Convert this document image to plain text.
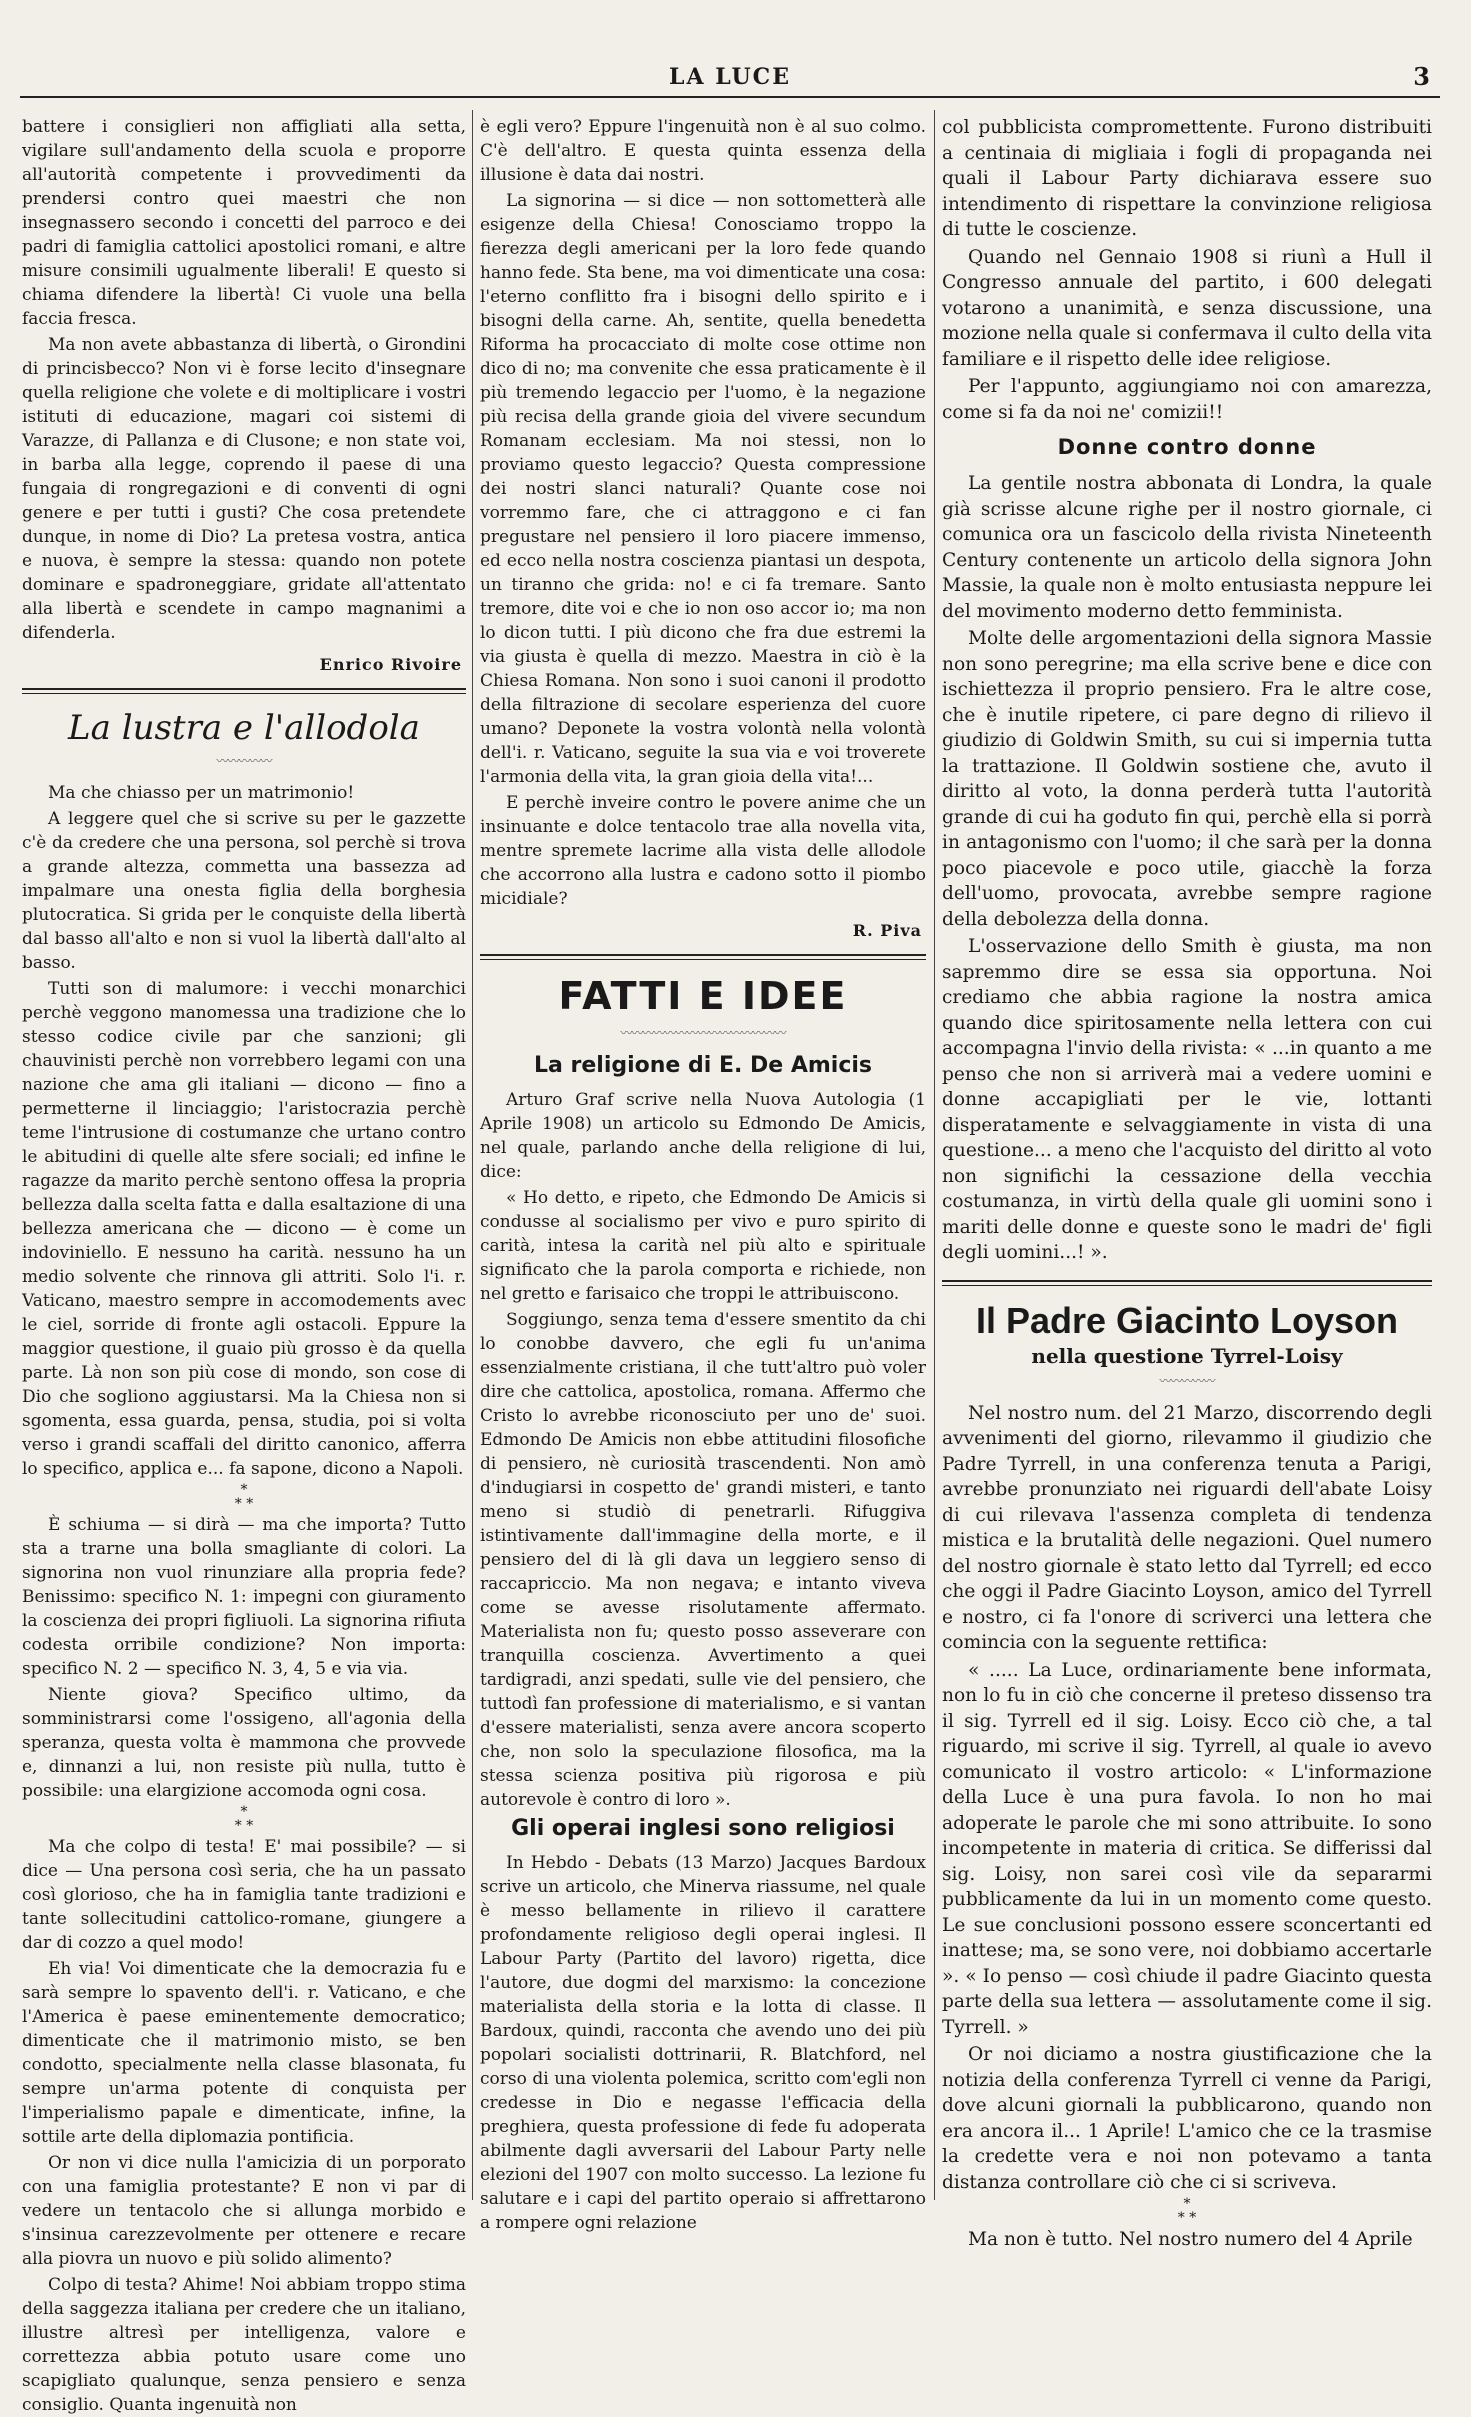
LA LUCE	3

battere i consiglieri non affigliati alla setta, vigilare sull'andamento della scuola e proporre all'autorità competente i provvedimenti da prendersi contro quei maestri che non insegnassero secondo i concetti del parroco e dei padri di famiglia cattolici apostolici romani, e altre misure consimili ugualmente liberali! E questo si chiama difendere la libertà! Ci vuole una bella faccia fresca.

Ma non avete abbastanza di libertà, o Girondini di princisbecco? Non vi è forse lecito d'insegnare quella religione che volete e di moltiplicare i vostri istituti di educazione, magari coi sistemi di Varazze, di Pallanza e di Clusone; e non state voi, in barba alla legge, coprendo il paese di una fungaia di rongregazioni e di conventi di ogni genere e per tutti i gusti? Che cosa pretendete dunque, in nome di Dio? La pretesa vostra, antica e nuova, è sempre la stessa: quando non potete dominare e spadroneggiare, gridate all'attentato alla libertà e scendete in campo magnanimi a difenderla.

Enrico Rivoire
La lustra e l'allodola
〰〰〰〰〰

Ma che chiasso per un matrimonio!

A leggere quel che si scrive su per le gazzette c'è da credere che una persona, sol perchè si trova a grande altezza, commetta una bassezza ad impalmare una onesta figlia della borghesia plutocratica. Si grida per le conquiste della libertà dal basso all'alto e non si vuol la libertà dall'alto al basso.

Tutti son di malumore: i vecchi monarchici perchè veggono manomessa una tradizione che lo stesso codice civile par che sanzioni; gli chauvinisti perchè non vorrebbero legami con una nazione che ama gli italiani — dicono — fino a permetterne il linciaggio; l'aristocrazia perchè teme l'intrusione di costumanze che urtano contro le abitudini di quelle alte sfere sociali; ed infine le ragazze da marito perchè sentono offesa la propria bellezza dalla scelta fatta e dalla esaltazione di una bellezza americana che — dicono — è come un indoviniello. E nessuno ha carità. nessuno ha un medio solvente che rinnova gli attriti. Solo l'i. r. Vaticano, maestro sempre in accomodements avec le ciel, sorride di fronte agli ostacoli. Eppure la maggior questione, il guaio più grosso è da quella parte. Là non son più cose di mondo, son cose di Dio che sogliono aggiustarsi. Ma la Chiesa non si sgomenta, essa guarda, pensa, studia, poi si volta verso i grandi scaffali del diritto canonico, afferra lo specifico, applica e... fa sapone, dicono a Napoli.

*
* *

È schiuma — si dirà — ma che importa? Tutto sta a trarne una bolla smagliante di colori. La signorina non vuol rinunziare alla propria fede? Benissimo: specifico N. 1: impegni con giuramento la coscienza dei propri figliuoli. La signorina rifiuta codesta orribile condizione? Non importa: specifico N. 2 — specifico N. 3, 4, 5 e via via.

Niente giova? Specifico ultimo, da somministrarsi come l'ossigeno, all'agonia della speranza, questa volta è mammona che provvede e, dinnanzi a lui, non resiste più nulla, tutto è possibile: una elargizione accomoda ogni cosa.

*
* *

Ma che colpo di testa! E' mai possibile? — si dice — Una persona così seria, che ha un passato così glorioso, che ha in famiglia tante tradizioni e tante sollecitudini cattolico-romane, giungere a dar di cozzo a quel modo!

Eh via! Voi dimenticate che la democrazia fu e sarà sempre lo spavento dell'i. r. Vaticano, e che l'America è paese eminentemente democratico; dimenticate che il matrimonio misto, se ben condotto, specialmente nella classe blasonata, fu sempre un'arma potente di conquista per l'imperialismo papale e dimenticate, infine, la sottile arte della diplomazia pontificia.

Or non vi dice nulla l'amicizia di un porporato con una famiglia protestante? E non vi par di vedere un tentacolo che si allunga morbido e s'insinua carezzevolmente per ottenere e recare alla piovra un nuovo e più solido alimento?

Colpo di testa? Ahime! Noi abbiam troppo stima della saggezza italiana per credere che un italiano, illustre altresì per intelligenza, valore e correttezza abbia potuto usare come uno scapigliato qualunque, senza pensiero e senza consiglio. Quanta ingenuità non

è egli vero? Eppure l'ingenuità non è al suo colmo. C'è dell'altro. E questa quinta essenza della illusione è data dai nostri.

La signorina — si dice — non sottometterà alle esigenze della Chiesa! Conosciamo troppo la fierezza degli americani per la loro fede quando hanno fede. Sta bene, ma voi dimenticate una cosa: l'eterno conflitto fra i bisogni dello spirito e i bisogni della carne. Ah, sentite, quella benedetta Riforma ha procacciato di molte cose ottime non dico di no; ma convenite che essa praticamente è il più tremendo legaccio per l'uomo, è la negazione più recisa della grande gioia del vivere secundum Romanam ecclesiam. Ma noi stessi, non lo proviamo questo legaccio? Questa compressione dei nostri slanci naturali? Quante cose noi vorremmo fare, che ci attraggono e ci fan pregustare nel pensiero il loro piacere immenso, ed ecco nella nostra coscienza piantasi un despota, un tiranno che grida: no! e ci fa tremare. Santo tremore, dite voi e che io non oso accor io; ma non lo dicon tutti. I più dicono che fra due estremi la via giusta è quella di mezzo. Maestra in ciò è la Chiesa Romana. Non sono i suoi canoni il prodotto della filtrazione di secolare esperienza del cuore umano? Deponete la vostra volontà nella volontà dell'i. r. Vaticano, seguite la sua via e voi troverete l'armonia della vita, la gran gioia della vita!...

E perchè inveire contro le povere anime che un insinuante e dolce tentacolo trae alla novella vita, mentre spremete lacrime alla vista delle allodole che accorrono alla lustra e cadono sotto il piombo micidiale?

R. Piva
FATTI E IDEE
〰〰〰〰〰〰〰〰〰〰〰〰〰〰〰
La religione di E. De Amicis

Arturo Graf scrive nella Nuova Autologia (1 Aprile 1908) un articolo su Edmondo De Amicis, nel quale, parlando anche della religione di lui, dice:

« Ho detto, e ripeto, che Edmondo De Amicis si condusse al socialismo per vivo e puro spirito di carità, intesa la carità nel più alto e spirituale significato che la parola comporta e richiede, non nel gretto e farisaico che troppi le attribuiscono.

Soggiungo, senza tema d'essere smentito da chi lo conobbe davvero, che egli fu un'anima essenzialmente cristiana, il che tutt'altro può voler dire che cattolica, apostolica, romana. Affermo che Cristo lo avrebbe riconosciuto per uno de' suoi. Edmondo De Amicis non ebbe attitudini filosofiche di pensiero, nè curiosità trascendenti. Non amò d'indugiarsi in cospetto de' grandi misteri, e tanto meno si studiò di penetrarli. Rifuggiva istintivamente dall'immagine della morte, e il pensiero del di là gli dava un leggiero senso di raccapriccio. Ma non negava; e intanto viveva come se avesse risolutamente affermato. Materialista non fu; questo posso asseverare con tranquilla coscienza. Avvertimento a quei tardigradi, anzi spedati, sulle vie del pensiero, che tuttodì fan professione di materialismo, e si vantan d'essere materialisti, senza avere ancora scoperto che, non solo la speculazione filosofica, ma la stessa scienza positiva più rigorosa e più autorevole è contro di loro ».

Gli operai inglesi sono religiosi

In Hebdo - Debats (13 Marzo) Jacques Bardoux scrive un articolo, che Minerva riassume, nel quale è messo bellamente in rilievo il carattere profondamente religioso degli operai inglesi. Il Labour Party (Partito del lavoro) rigetta, dice l'autore, due dogmi del marxismo: la concezione materialista della storia e la lotta di classe. Il Bardoux, quindi, racconta che avendo uno dei più popolari socialisti dottrinarii, R. Blatchford, nel corso di una violenta polemica, scritto com'egli non credesse in Dio e negasse l'efficacia della preghiera, questa professione di fede fu adoperata abilmente dagli avversarii del Labour Party nelle elezioni del 1907 con molto successo. La lezione fu salutare e i capi del partito operaio si affrettarono a rompere ogni relazione

col pubblicista compromettente. Furono distribuiti a centinaia di migliaia i fogli di propaganda nei quali il Labour Party dichiarava essere suo intendimento di rispettare la convinzione religiosa di tutte le coscienze.

Quando nel Gennaio 1908 si riunì a Hull il Congresso annuale del partito, i 600 delegati votarono a unanimità, e senza discussione, una mozione nella quale si confermava il culto della vita familiare e il rispetto delle idee religiose.

Per l'appunto, aggiungiamo noi con amarezza, come si fa da noi ne' comizii!!

Donne contro donne

La gentile nostra abbonata di Londra, la quale già scrisse alcune righe per il nostro giornale, ci comunica ora un fascicolo della rivista Nineteenth Century contenente un articolo della signora John Massie, la quale non è molto entusiasta neppure lei del movimento moderno detto femminista.

Molte delle argomentazioni della signora Massie non sono peregrine; ma ella scrive bene e dice con ischiettezza il proprio pensiero. Fra le altre cose, che è inutile ripetere, ci pare degno di rilievo il giudizio di Goldwin Smith, su cui si impernia tutta la trattazione. Il Goldwin sostiene che, avuto il diritto al voto, la donna perderà tutta l'autorità grande di cui ha goduto fin qui, perchè ella si porrà in antagonismo con l'uomo; il che sarà per la donna poco piacevole e poco utile, giacchè la forza dell'uomo, provocata, avrebbe sempre ragione della debolezza della donna.

L'osservazione dello Smith è giusta, ma non sapremmo dire se essa sia opportuna. Noi crediamo che abbia ragione la nostra amica quando dice spiritosamente nella lettera con cui accompagna l'invio della rivista: « ...in quanto a me penso che non si arriverà mai a vedere uomini e donne accapigliati per le vie, lottanti disperatamente e selvaggiamente in vista di una questione... a meno che l'acquisto del diritto al voto non significhi la cessazione della vecchia costumanza, in virtù della quale gli uomini sono i mariti delle donne e queste sono le madri de' figli degli uomini...! ».

Il Padre Giacinto Loyson
nella questione Tyrrel-Loisy
〰〰〰〰〰

Nel nostro num. del 21 Marzo, discorrendo degli avvenimenti del giorno, rilevammo il giudizio che Padre Tyrrell, in una conferenza tenuta a Parigi, avrebbe pronunziato nei riguardi dell'abate Loisy di cui rilevava l'assenza completa di tendenza mistica e la brutalità delle negazioni. Quel numero del nostro giornale è stato letto dal Tyrrell; ed ecco che oggi il Padre Giacinto Loyson, amico del Tyrrell e nostro, ci fa l'onore di scriverci una lettera che comincia con la seguente rettifica:

« ..... La Luce, ordinariamente bene informata, non lo fu in ciò che concerne il preteso dissenso tra il sig. Tyrrell ed il sig. Loisy. Ecco ciò che, a tal riguardo, mi scrive il sig. Tyrrell, al quale io avevo comunicato il vostro articolo: « L'informazione della Luce è una pura favola. Io non ho mai adoperate le parole che mi sono attribuite. Io sono incompetente in materia di critica. Se differissi dal sig. Loisy, non sarei così vile da separarmi pubblicamente da lui in un momento come questo. Le sue conclusioni possono essere sconcertanti ed inattese; ma, se sono vere, noi dobbiamo accertarle ». « Io penso — così chiude il padre Giacinto questa parte della sua lettera — assolutamente come il sig. Tyrrell. »

Or noi diciamo a nostra giustificazione che la notizia della conferenza Tyrrell ci venne da Parigi, dove alcuni giornali la pubblicarono, quando non era ancora il... 1 Aprile! L'amico che ce la trasmise la credette vera e noi non potevamo a tanta distanza controllare ciò che ci si scriveva.

*
* *

Ma non è tutto. Nel nostro numero del 4 Aprile
